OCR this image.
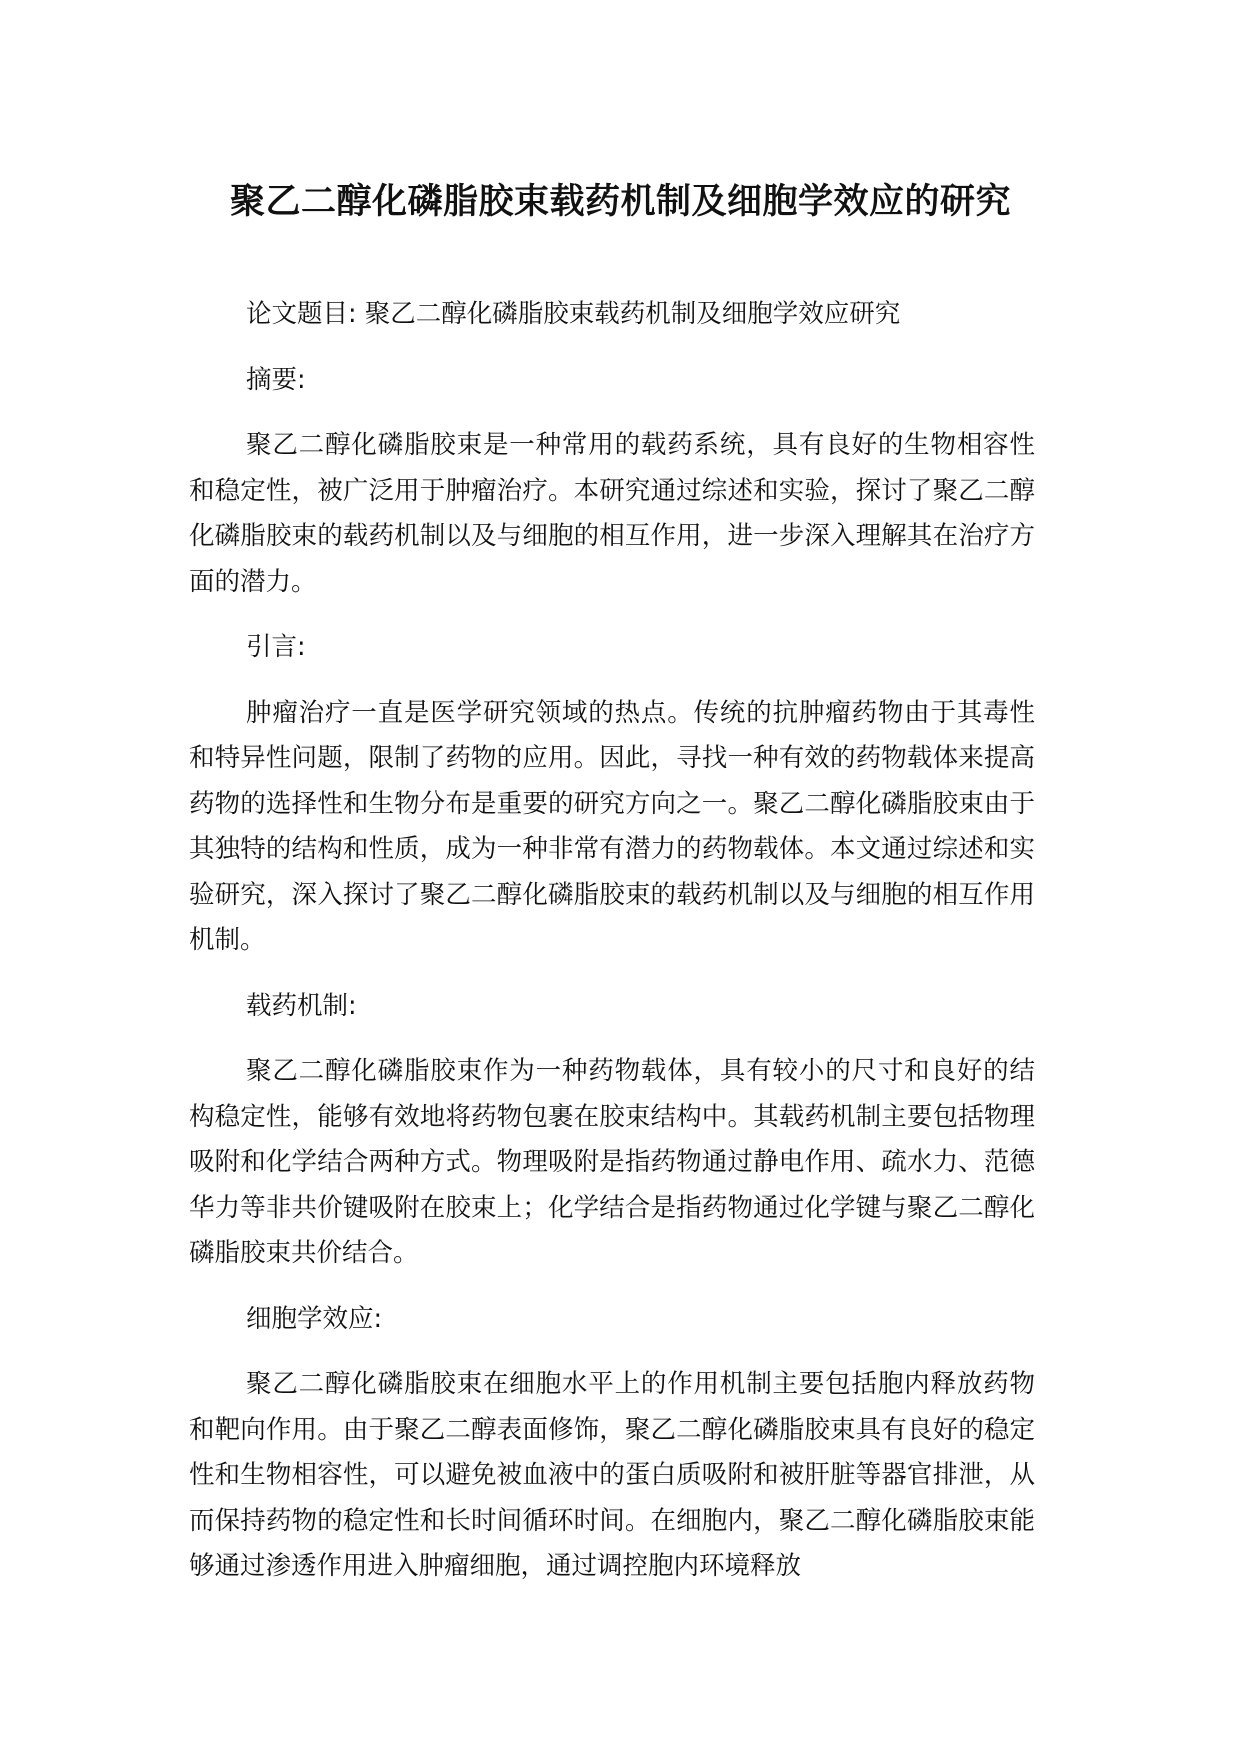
聚乙二醇化磷脂胶束载药机制及细胞学效应的研究

论文题目: 聚乙二醇化磷脂胶束载药机制及细胞学效应研究

摘要:

聚乙二醇化磷脂胶束是一种常用的载药系统，具有良好的生物相容性和稳定性，被广泛用于肿瘤治疗。本研究通过综述和实验，探讨了聚乙二醇化磷脂胶束的载药机制以及与细胞的相互作用，进一步深入理解其在治疗方面的潜力。

引言:

肿瘤治疗一直是医学研究领域的热点。传统的抗肿瘤药物由于其毒性和特异性问题，限制了药物的应用。因此，寻找一种有效的药物载体来提高药物的选择性和生物分布是重要的研究方向之一。聚乙二醇化磷脂胶束由于其独特的结构和性质，成为一种非常有潜力的药物载体。本文通过综述和实验研究，深入探讨了聚乙二醇化磷脂胶束的载药机制以及与细胞的相互作用机制。

载药机制:

聚乙二醇化磷脂胶束作为一种药物载体，具有较小的尺寸和良好的结构稳定性，能够有效地将药物包裹在胶束结构中。其载药机制主要包括物理吸附和化学结合两种方式。物理吸附是指药物通过静电作用、疏水力、范德华力等非共价键吸附在胶束上；化学结合是指药物通过化学键与聚乙二醇化磷脂胶束共价结合。

细胞学效应:

聚乙二醇化磷脂胶束在细胞水平上的作用机制主要包括胞内释放药物和靶向作用。由于聚乙二醇表面修饰，聚乙二醇化磷脂胶束具有良好的稳定性和生物相容性，可以避免被血液中的蛋白质吸附和被肝脏等器官排泄，从而保持药物的稳定性和长时间循环时间。在细胞内，聚乙二醇化磷脂胶束能够通过渗透作用进入肿瘤细胞，通过调控胞内环境释放
